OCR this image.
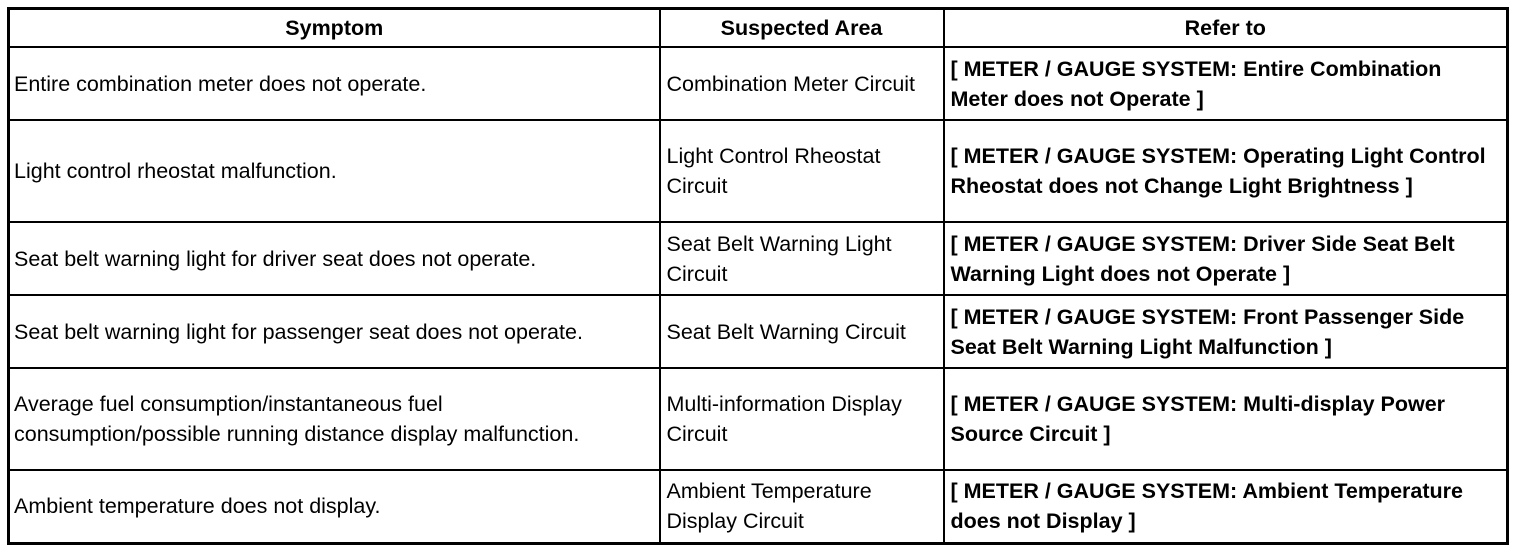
Symptom	Suspected Area	Refer to
Entire combination meter does not operate.	Combination Meter Circuit	[ METER / GAUGE SYSTEM: Entire Combination Meter does not Operate ]
Light control rheostat malfunction.	Light Control Rheostat Circuit	[ METER / GAUGE SYSTEM: Operating Light Control Rheostat does not Change Light Brightness ]
Seat belt warning light for driver seat does not operate.	Seat Belt Warning Light Circuit	[ METER / GAUGE SYSTEM: Driver Side Seat Belt Warning Light does not Operate ]
Seat belt warning light for passenger seat does not operate.	Seat Belt Warning Circuit	[ METER / GAUGE SYSTEM: Front Passenger Side Seat Belt Warning Light Malfunction ]
Average fuel consumption/instantaneous fuel consumption/possible running distance display malfunction.	Multi-information Display Circuit	[ METER / GAUGE SYSTEM: Multi-display Power Source Circuit ]
Ambient temperature does not display.	Ambient Temperature Display Circuit	[ METER / GAUGE SYSTEM: Ambient Temperature does not Display ]
